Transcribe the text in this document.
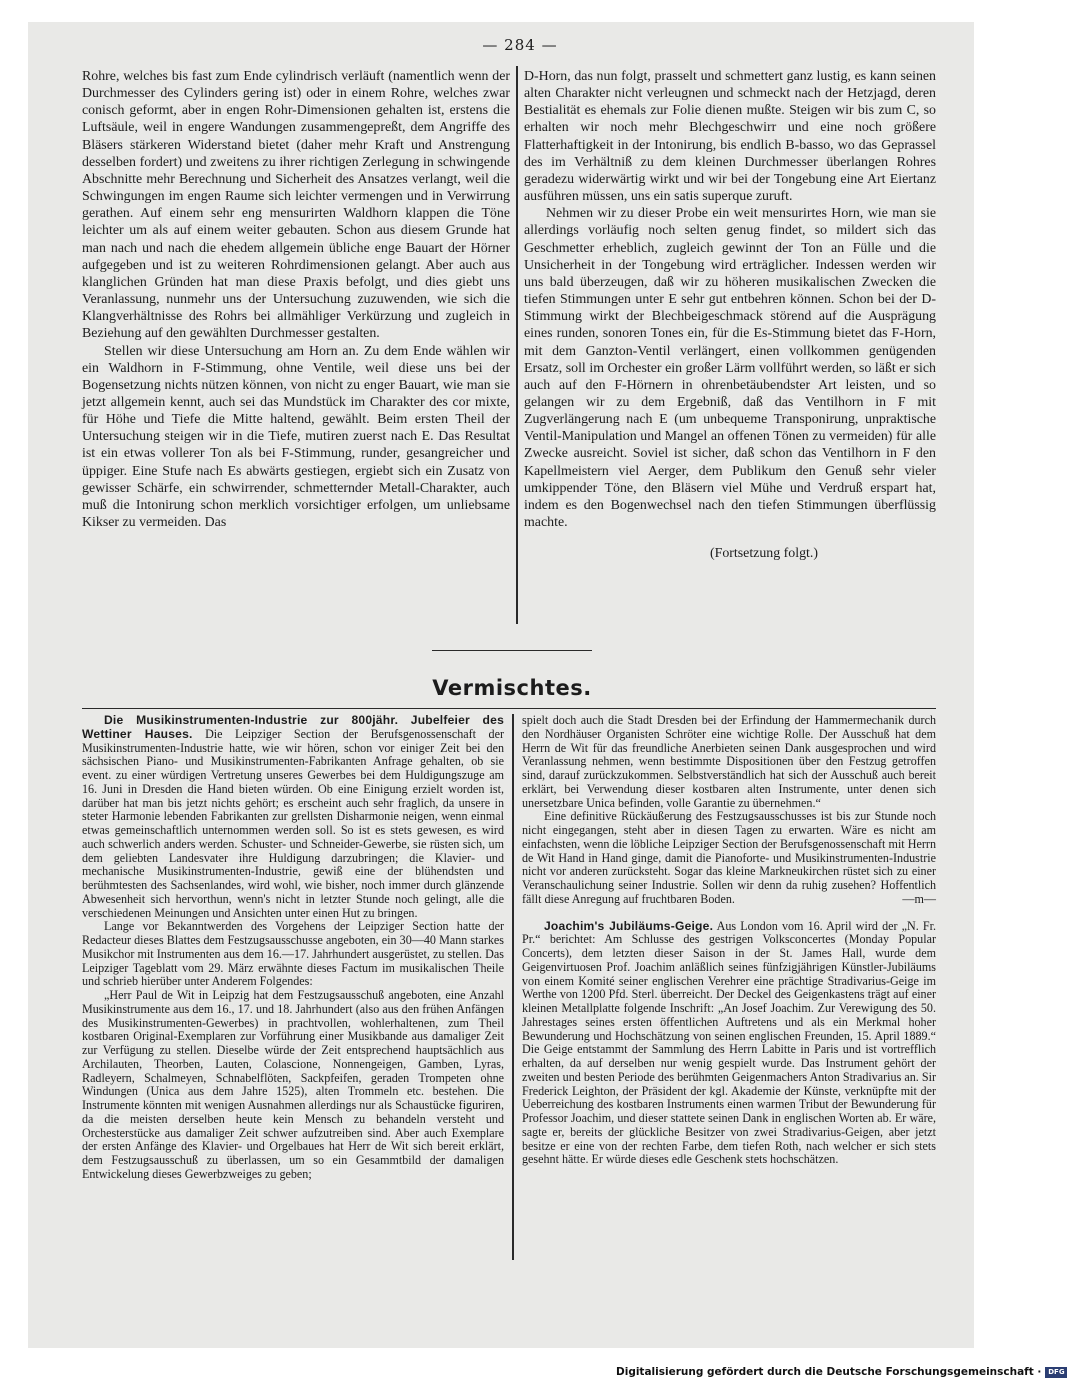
— 284 —

Rohre, welches bis fast zum Ende cylindrisch verläuft (namentlich wenn der Durchmesser des Cylinders gering ist) oder in einem Rohre, welches zwar conisch geformt, aber in engen Rohr-Dimensionen gehalten ist, erstens die Luftsäule, weil in engere Wandungen zusammengepreßt, dem Angriffe des Bläsers stärkeren Widerstand bietet (daher mehr Kraft und Anstrengung desselben fordert) und zweitens zu ihrer richtigen Zerlegung in schwingende Abschnitte mehr Berechnung und Sicherheit des Ansatzes verlangt, weil die Schwingungen im engen Raume sich leichter vermengen und in Verwirrung gerathen. Auf einem sehr eng mensurirten Waldhorn klappen die Töne leichter um als auf einem weiter gebauten. Schon aus diesem Grunde hat man nach und nach die ehedem allgemein übliche enge Bauart der Hörner aufgegeben und ist zu weiteren Rohrdimensionen gelangt. Aber auch aus klanglichen Gründen hat man diese Praxis befolgt, und dies giebt uns Veranlassung, nunmehr uns der Untersuchung zuzuwenden, wie sich die Klangverhältnisse des Rohrs bei allmähliger Verkürzung und zugleich in Beziehung auf den gewählten Durchmesser gestalten.

Stellen wir diese Untersuchung am Horn an. Zu dem Ende wählen wir ein Waldhorn in F-Stimmung, ohne Ventile, weil diese uns bei der Bogensetzung nichts nützen können, von nicht zu enger Bauart, wie man sie jetzt allgemein kennt, auch sei das Mundstück im Charakter des cor mixte, für Höhe und Tiefe die Mitte haltend, gewählt. Beim ersten Theil der Untersuchung steigen wir in die Tiefe, mutiren zuerst nach E. Das Resultat ist ein etwas vollerer Ton als bei F-Stimmung, runder, gesangreicher und üppiger. Eine Stufe nach Es abwärts gestiegen, ergiebt sich ein Zusatz von gewisser Schärfe, ein schwirrender, schmetternder Metall-Charakter, auch muß die Intonirung schon merklich vorsichtiger erfolgen, um unliebsame Kikser zu vermeiden. Das

D-Horn, das nun folgt, prasselt und schmettert ganz lustig, es kann seinen alten Charakter nicht verleugnen und schmeckt nach der Hetzjagd, deren Bestialität es ehemals zur Folie dienen mußte. Steigen wir bis zum C, so erhalten wir noch mehr Blechgeschwirr und eine noch größere Flatterhaftigkeit in der Intonirung, bis endlich B-basso, wo das Geprassel des im Verhältniß zu dem kleinen Durchmesser überlangen Rohres geradezu widerwärtig wirkt und wir bei der Tongebung eine Art Eiertanz ausführen müssen, uns ein satis superque zuruft.

Nehmen wir zu dieser Probe ein weit mensurirtes Horn, wie man sie allerdings vorläufig noch selten genug findet, so mildert sich das Geschmetter erheblich, zugleich gewinnt der Ton an Fülle und die Unsicherheit in der Tongebung wird erträglicher. Indessen werden wir uns bald überzeugen, daß wir zu höheren musikalischen Zwecken die tiefen Stimmungen unter E sehr gut entbehren können. Schon bei der D-Stimmung wirkt der Blechbeigeschmack störend auf die Ausprägung eines runden, sonoren Tones ein, für die Es-Stimmung bietet das F-Horn, mit dem Ganzton-Ventil verlängert, einen vollkommen genügenden Ersatz, soll im Orchester ein großer Lärm vollführt werden, so läßt er sich auch auf den F-Hörnern in ohrenbetäubendster Art leisten, und so gelangen wir zu dem Ergebniß, daß das Ventilhorn in F mit Zugverlängerung nach E (um unbequeme Transponirung, unpraktische Ventil-Manipulation und Mangel an offenen Tönen zu vermeiden) für alle Zwecke ausreicht. Soviel ist sicher, daß schon das Ventilhorn in F den Kapellmeistern viel Aerger, dem Publikum den Genuß sehr vieler umkippender Töne, den Bläsern viel Mühe und Verdruß erspart hat, indem es den Bogenwechsel nach den tiefen Stimmungen überflüssig machte.

(Fortsetzung folgt.)

Vermischtes.

Die Musikinstrumenten-Industrie zur 800jähr. Jubelfeier des Wettiner Hauses. Die Leipziger Section der Berufsgenossenschaft der Musikinstrumenten-Industrie hatte, wie wir hören, schon vor einiger Zeit bei den sächsischen Piano- und Musikinstrumenten-Fabrikanten Anfrage gehalten, ob sie event. zu einer würdigen Vertretung unseres Gewerbes bei dem Huldigungszuge am 16. Juni in Dresden die Hand bieten würden. Ob eine Einigung erzielt worden ist, darüber hat man bis jetzt nichts gehört; es erscheint auch sehr fraglich, da unsere in steter Harmonie lebenden Fabrikanten zur grellsten Disharmonie neigen, wenn einmal etwas gemeinschaftlich unternommen werden soll. So ist es stets gewesen, es wird auch schwerlich anders werden. Schuster- und Schneider-Gewerbe, sie rüsten sich, um dem geliebten Landesvater ihre Huldigung darzubringen; die Klavier- und mechanische Musikinstrumenten-Industrie, gewiß eine der blühendsten und berühmtesten des Sachsenlandes, wird wohl, wie bisher, noch immer durch glänzende Abwesenheit sich hervorthun, wenn's nicht in letzter Stunde noch gelingt, alle die verschiedenen Meinungen und Ansichten unter einen Hut zu bringen.

Lange vor Bekanntwerden des Vorgehens der Leipziger Section hatte der Redacteur dieses Blattes dem Festzugsausschusse angeboten, ein 30—40 Mann starkes Musikchor mit Instrumenten aus dem 16.—17. Jahrhundert ausgerüstet, zu stellen. Das Leipziger Tageblatt vom 29. März erwähnte dieses Factum im musikalischen Theile und schrieb hierüber unter Anderem Folgendes:

„Herr Paul de Wit in Leipzig hat dem Festzugsausschuß angeboten, eine Anzahl Musikinstrumente aus dem 16., 17. und 18. Jahrhundert (also aus den frühen Anfängen des Musikinstrumenten-Gewerbes) in prachtvollen, wohlerhaltenen, zum Theil kostbaren Original-Exemplaren zur Vorführung einer Musikbande aus damaliger Zeit zur Verfügung zu stellen. Dieselbe würde der Zeit entsprechend hauptsächlich aus Archilauten, Theorben, Lauten, Colascione, Nonnengeigen, Gamben, Lyras, Radleyern, Schalmeyen, Schnabelflöten, Sackpfeifen, geraden Trompeten ohne Windungen (Unica aus dem Jahre 1525), alten Trommeln etc. bestehen. Die Instrumente könnten mit wenigen Ausnahmen allerdings nur als Schaustücke figuriren, da die meisten derselben heute kein Mensch zu behandeln versteht und Orchesterstücke aus damaliger Zeit schwer aufzutreiben sind. Aber auch Exemplare der ersten Anfänge des Klavier- und Orgelbaues hat Herr de Wit sich bereit erklärt, dem Festzugsausschuß zu überlassen, um so ein Gesammtbild der damaligen Entwickelung dieses Gewerbzweiges zu geben;

spielt doch auch die Stadt Dresden bei der Erfindung der Hammermechanik durch den Nordhäuser Organisten Schröter eine wichtige Rolle. Der Ausschuß hat dem Herrn de Wit für das freundliche Anerbieten seinen Dank ausgesprochen und wird Veranlassung nehmen, wenn bestimmte Dispositionen über den Festzug getroffen sind, darauf zurückzukommen. Selbstverständlich hat sich der Ausschuß auch bereit erklärt, bei Verwendung dieser kostbaren alten Instrumente, unter denen sich unersetzbare Unica befinden, volle Garantie zu übernehmen.“

Eine definitive Rückäußerung des Festzugsausschusses ist bis zur Stunde noch nicht eingegangen, steht aber in diesen Tagen zu erwarten. Wäre es nicht am einfachsten, wenn die löbliche Leipziger Section der Berufsgenossenschaft mit Herrn de Wit Hand in Hand ginge, damit die Pianoforte- und Musikinstrumenten-Industrie nicht vor anderen zurücksteht. Sogar das kleine Markneukirchen rüstet sich zu einer Veranschaulichung seiner Industrie. Sollen wir denn da ruhig zusehen? Hoffentlich fällt diese Anregung auf fruchtbaren Boden.	—m—

Joachim's Jubiläums-Geige. Aus London vom 16. April wird der „N. Fr. Pr.“ berichtet: Am Schlusse des gestrigen Volksconcertes (Monday Popular Concerts), dem letzten dieser Saison in der St. James Hall, wurde dem Geigenvirtuosen Prof. Joachim anläßlich seines fünfzigjährigen Künstler-Jubiläums von einem Komité seiner englischen Verehrer eine prächtige Stradivarius-Geige im Werthe von 1200 Pfd. Sterl. überreicht. Der Deckel des Geigenkastens trägt auf einer kleinen Metallplatte folgende Inschrift: „An Josef Joachim. Zur Verewigung des 50. Jahrestages seines ersten öffentlichen Auftretens und als ein Merkmal hoher Bewunderung und Hochschätzung von seinen englischen Freunden, 15. April 1889.“ Die Geige entstammt der Sammlung des Herrn Labitte in Paris und ist vortrefflich erhalten, da auf derselben nur wenig gespielt wurde. Das Instrument gehört der zweiten und besten Periode des berühmten Geigenmachers Anton Stradivarius an. Sir Frederick Leighton, der Präsident der kgl. Akademie der Künste, verknüpfte mit der Ueberreichung des kostbaren Instruments einen warmen Tribut der Bewunderung für Professor Joachim, und dieser stattete seinen Dank in englischen Worten ab. Er wäre, sagte er, bereits der glückliche Besitzer von zwei Stradivarius-Geigen, aber jetzt besitze er eine von der rechten Farbe, dem tiefen Roth, nach welcher er sich stets gesehnt hätte. Er würde dieses edle Geschenk stets hochschätzen.

Digitalisierung gefördert durch die Deutsche Forschungsgemeinschaft · DFG
